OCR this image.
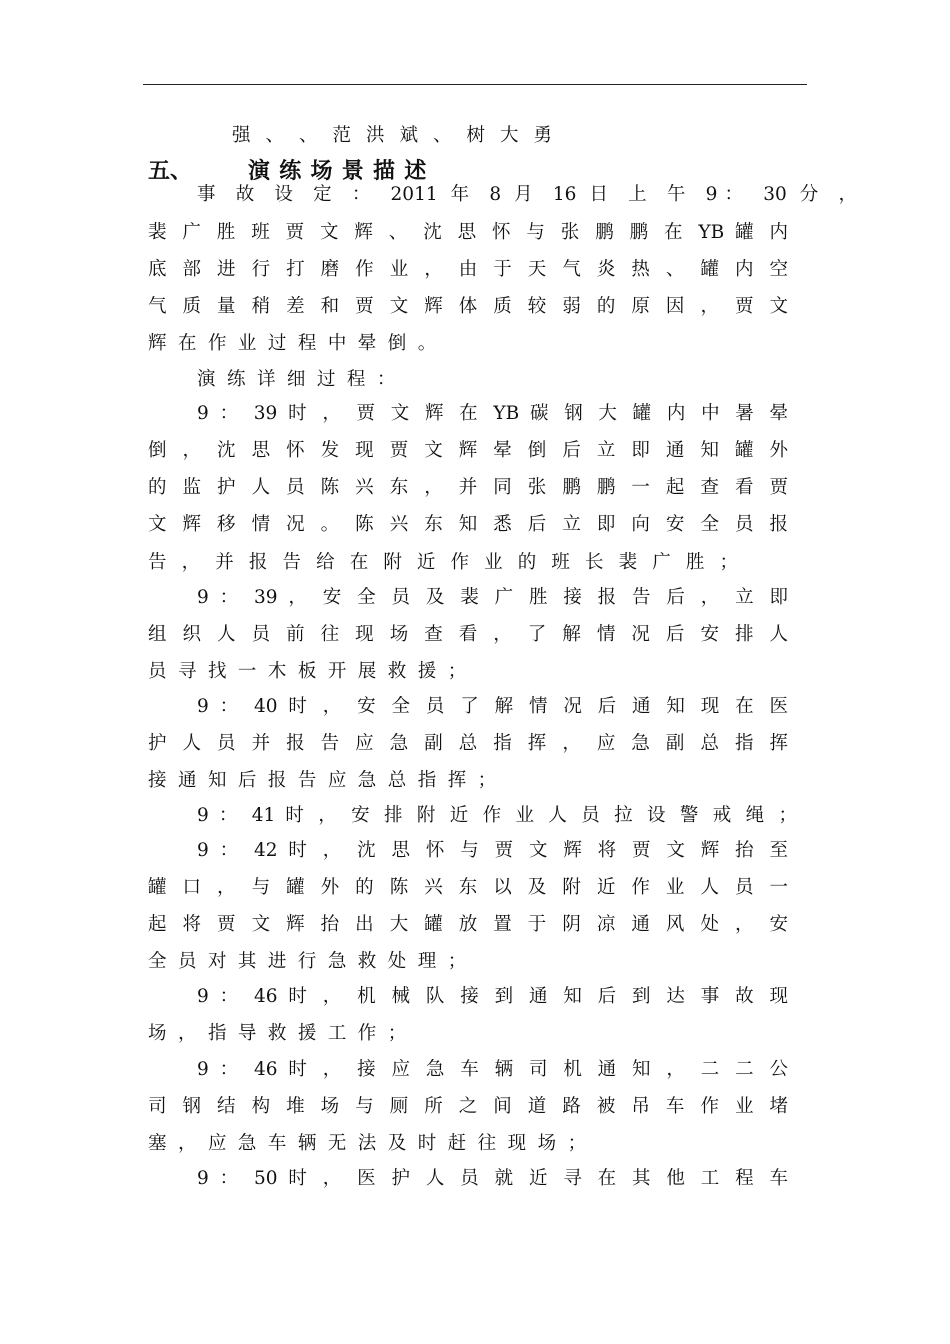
强 、 、 范 洪 斌 、 树 大 勇
五、	演练场景描述
事 故 设 定 ： 2011 年 8 月 16 日 上 午 9： 30 分 ，
裴 广 胜 班 贾 文 辉 、 沈 思 怀 与 张 鹏 鹏 在 YB 罐 内
底 部 进 行 打 磨 作 业 ， 由 于 天 气 炎 热 、 罐 内 空
气 质 量 稍 差 和 贾 文 辉 体 质 较 弱 的 原 因 ， 贾 文
辉在作业过程中晕倒。
演练详细过程：
9 ： 39 时 ， 贾 文 辉 在 YB 碳 钢 大 罐 内 中 暑 晕
倒 ， 沈 思 怀 发 现 贾 文 辉 晕 倒 后 立 即 通 知 罐 外
的 监 护 人 员 陈 兴 东 ， 并 同 张 鹏 鹏 一 起 查 看 贾
文 辉 移 情 况 。 陈 兴 东 知 悉 后 立 即 向 安 全 员 报
告 ， 并 报 告 给 在 附 近 作 业 的 班 长 裴 广 胜 ；
9 ： 39 ， 安 全 员 及 裴 广 胜 接 报 告 后 ， 立 即
组 织 人 员 前 往 现 场 查 看 ， 了 解 情 况 后 安 排 人
员寻找一木板开展救援；
9 ： 40 时 ， 安 全 员 了 解 情 况 后 通 知 现 在 医
护 人 员 并 报 告 应 急 副 总 指 挥 ， 应 急 副 总 指 挥
接通知后报告应急总指挥；
9 ： 41 时 ， 安 排 附 近 作 业 人 员 拉 设 警 戒 绳 ；
9 ： 42 时 ， 沈 思 怀 与 贾 文 辉 将 贾 文 辉 抬 至
罐 口 ， 与 罐 外 的 陈 兴 东 以 及 附 近 作 业 人 员 一
起 将 贾 文 辉 抬 出 大 罐 放 置 于 阴 凉 通 风 处 ， 安
全员对其进行急救处理；
9 ： 46 时 ， 机 械 队 接 到 通 知 后 到 达 事 故 现
场，指导救援工作；
9 ： 46 时 ， 接 应 急 车 辆 司 机 通 知 ， 二 二 公
司 钢 结 构 堆 场 与 厕 所 之 间 道 路 被 吊 车 作 业 堵
塞，应急车辆无法及时赶往现场；
9 ： 50 时 ， 医 护 人 员 就 近 寻 在 其 他 工 程 车
